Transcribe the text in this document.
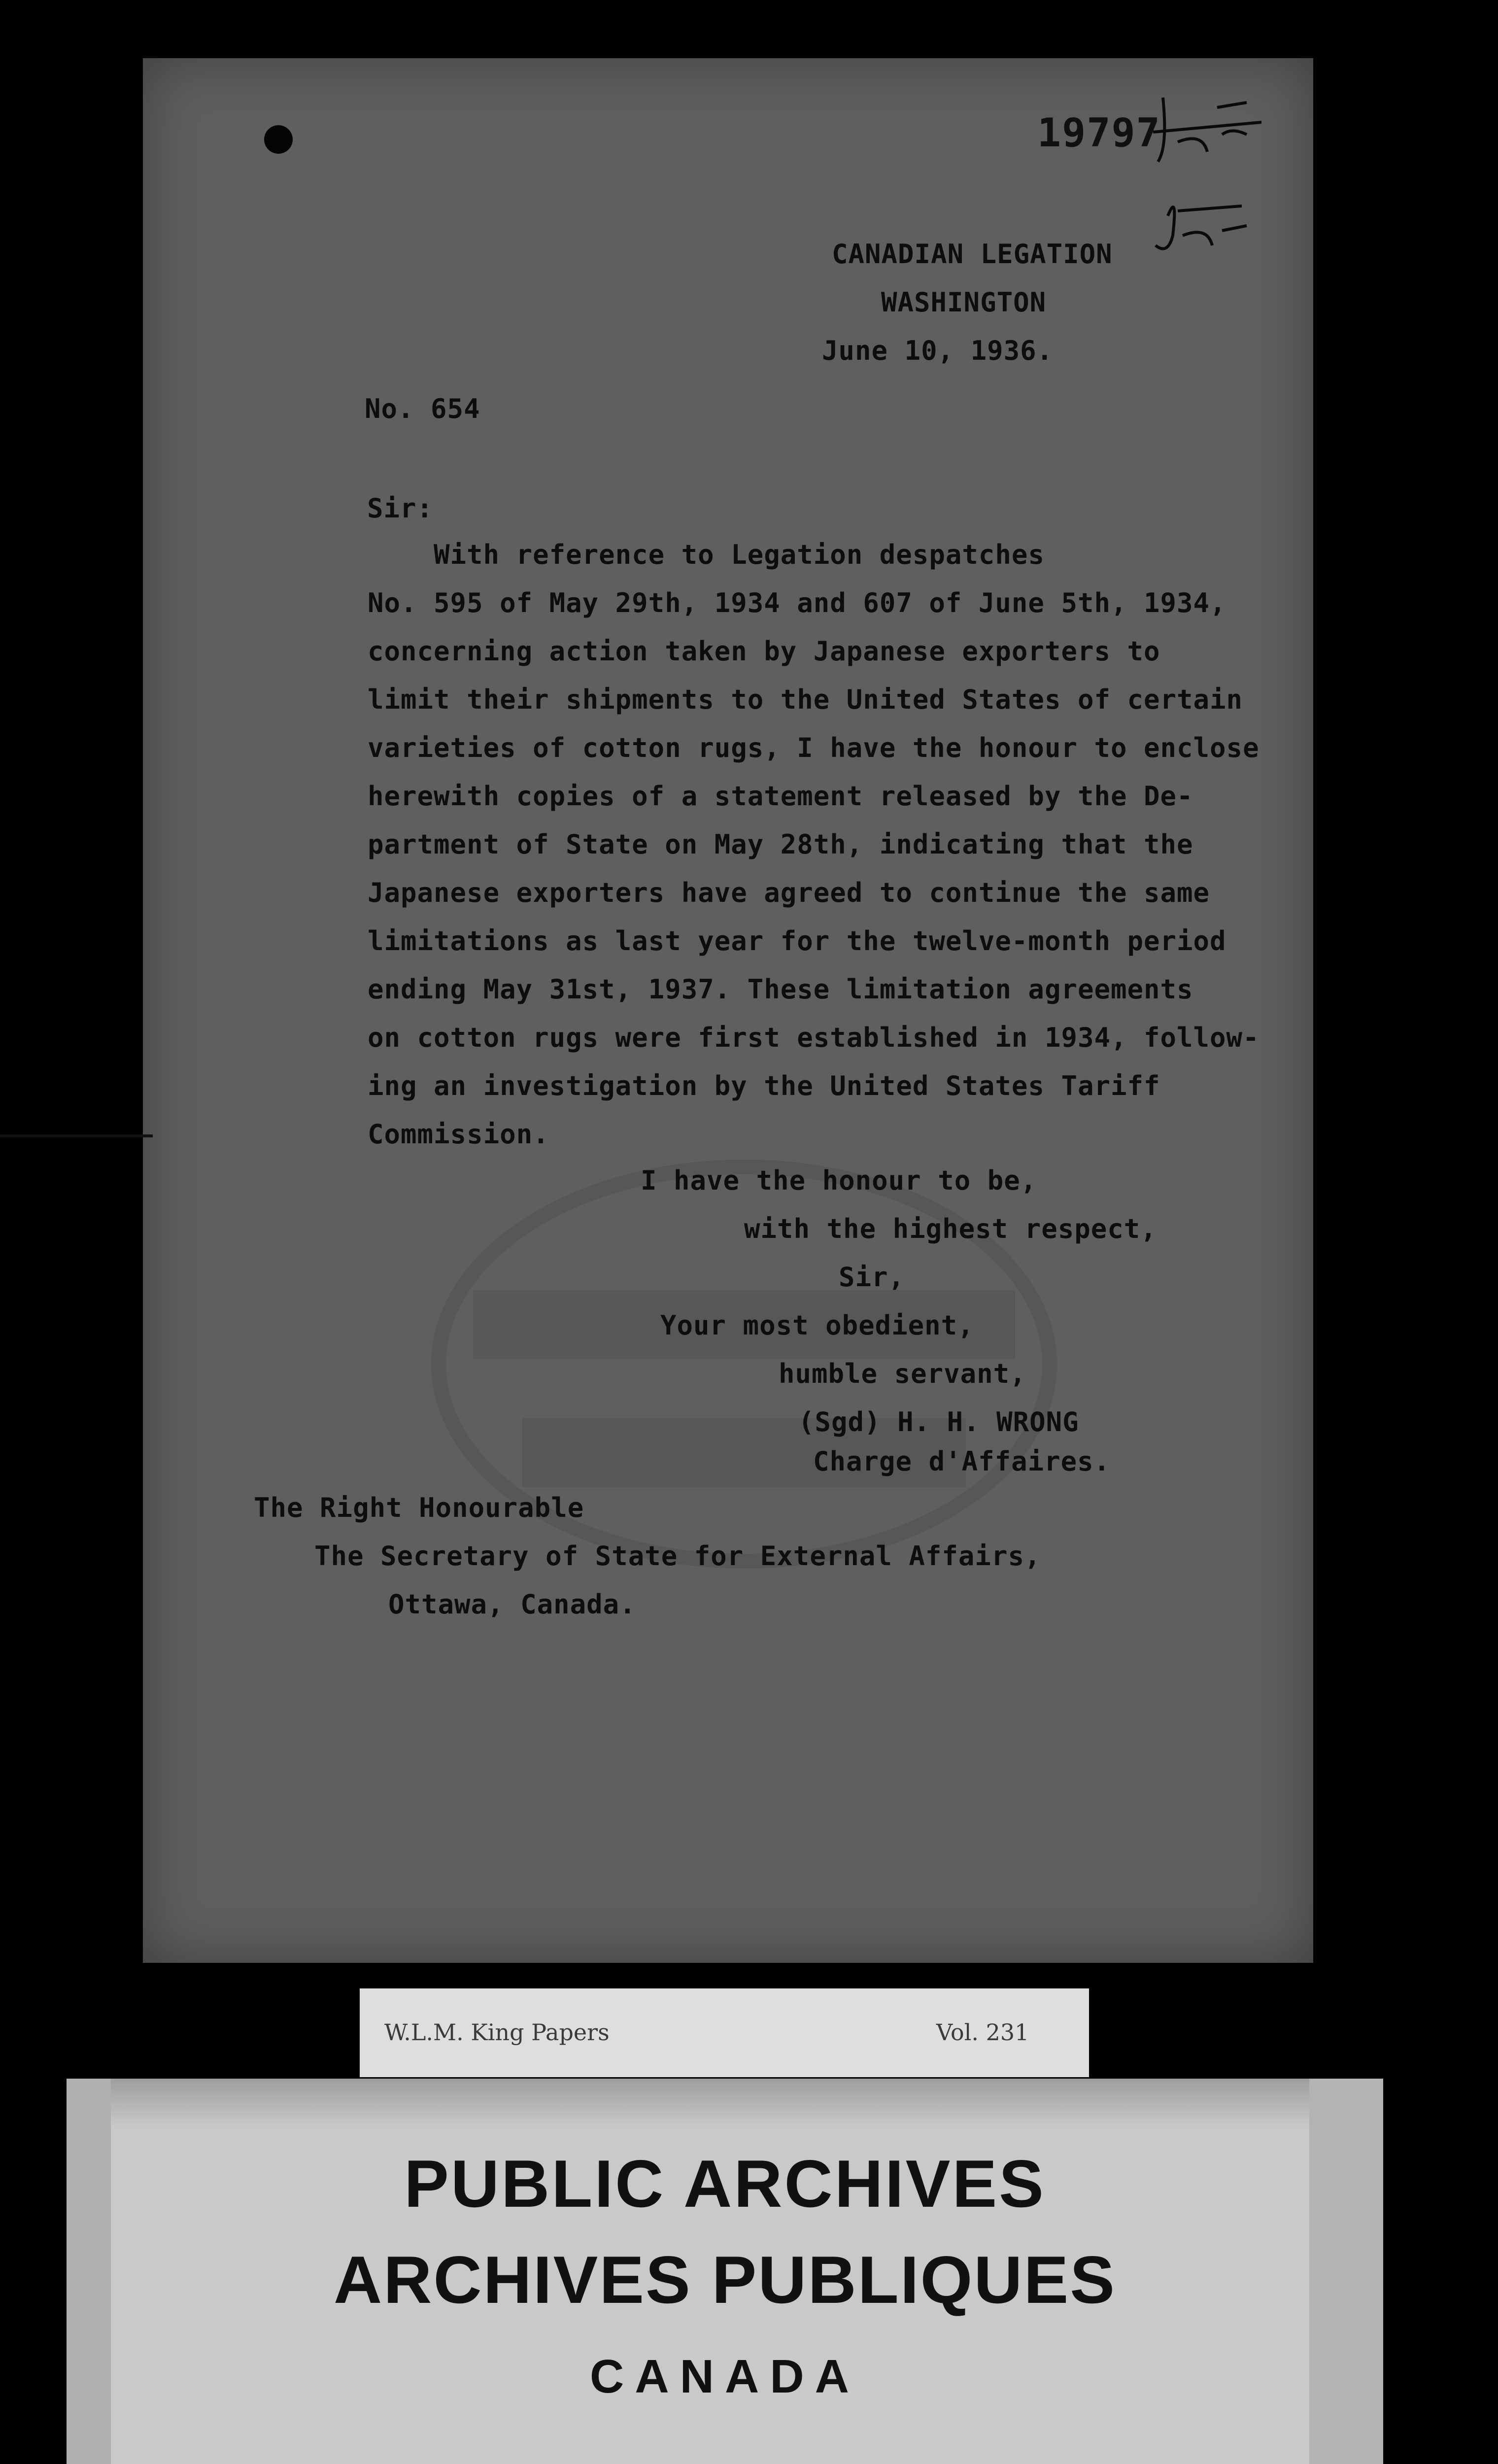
19797

CANADIAN LEGATION

WASHINGTON

June 10, 1936.

No. 654

Sir:

With reference to Legation despatches

No. 595 of May 29th, 1934 and 607 of June 5th, 1934,

concerning action taken by Japanese exporters to

limit their shipments to the United States of certain

varieties of cotton rugs, I have the honour to enclose

herewith copies of a statement released by the De-

partment of State on May 28th, indicating that the

Japanese exporters have agreed to continue the same

limitations as last year for the twelve-month period

ending May 31st, 1937. These limitation agreements

on cotton rugs were first established in 1934, follow-

ing an investigation by the United States Tariff

Commission.

I have the honour to be,

with the highest respect,

Sir,

Your most obedient,

humble servant,

(Sgd) H. H. WRONG

Charge d'Affaires.

The Right Honourable

The Secretary of State for External Affairs,

Ottawa, Canada.

W.L.M. King Papers	Vol. 231

PUBLIC ARCHIVES

ARCHIVES PUBLIQUES

CANADA
